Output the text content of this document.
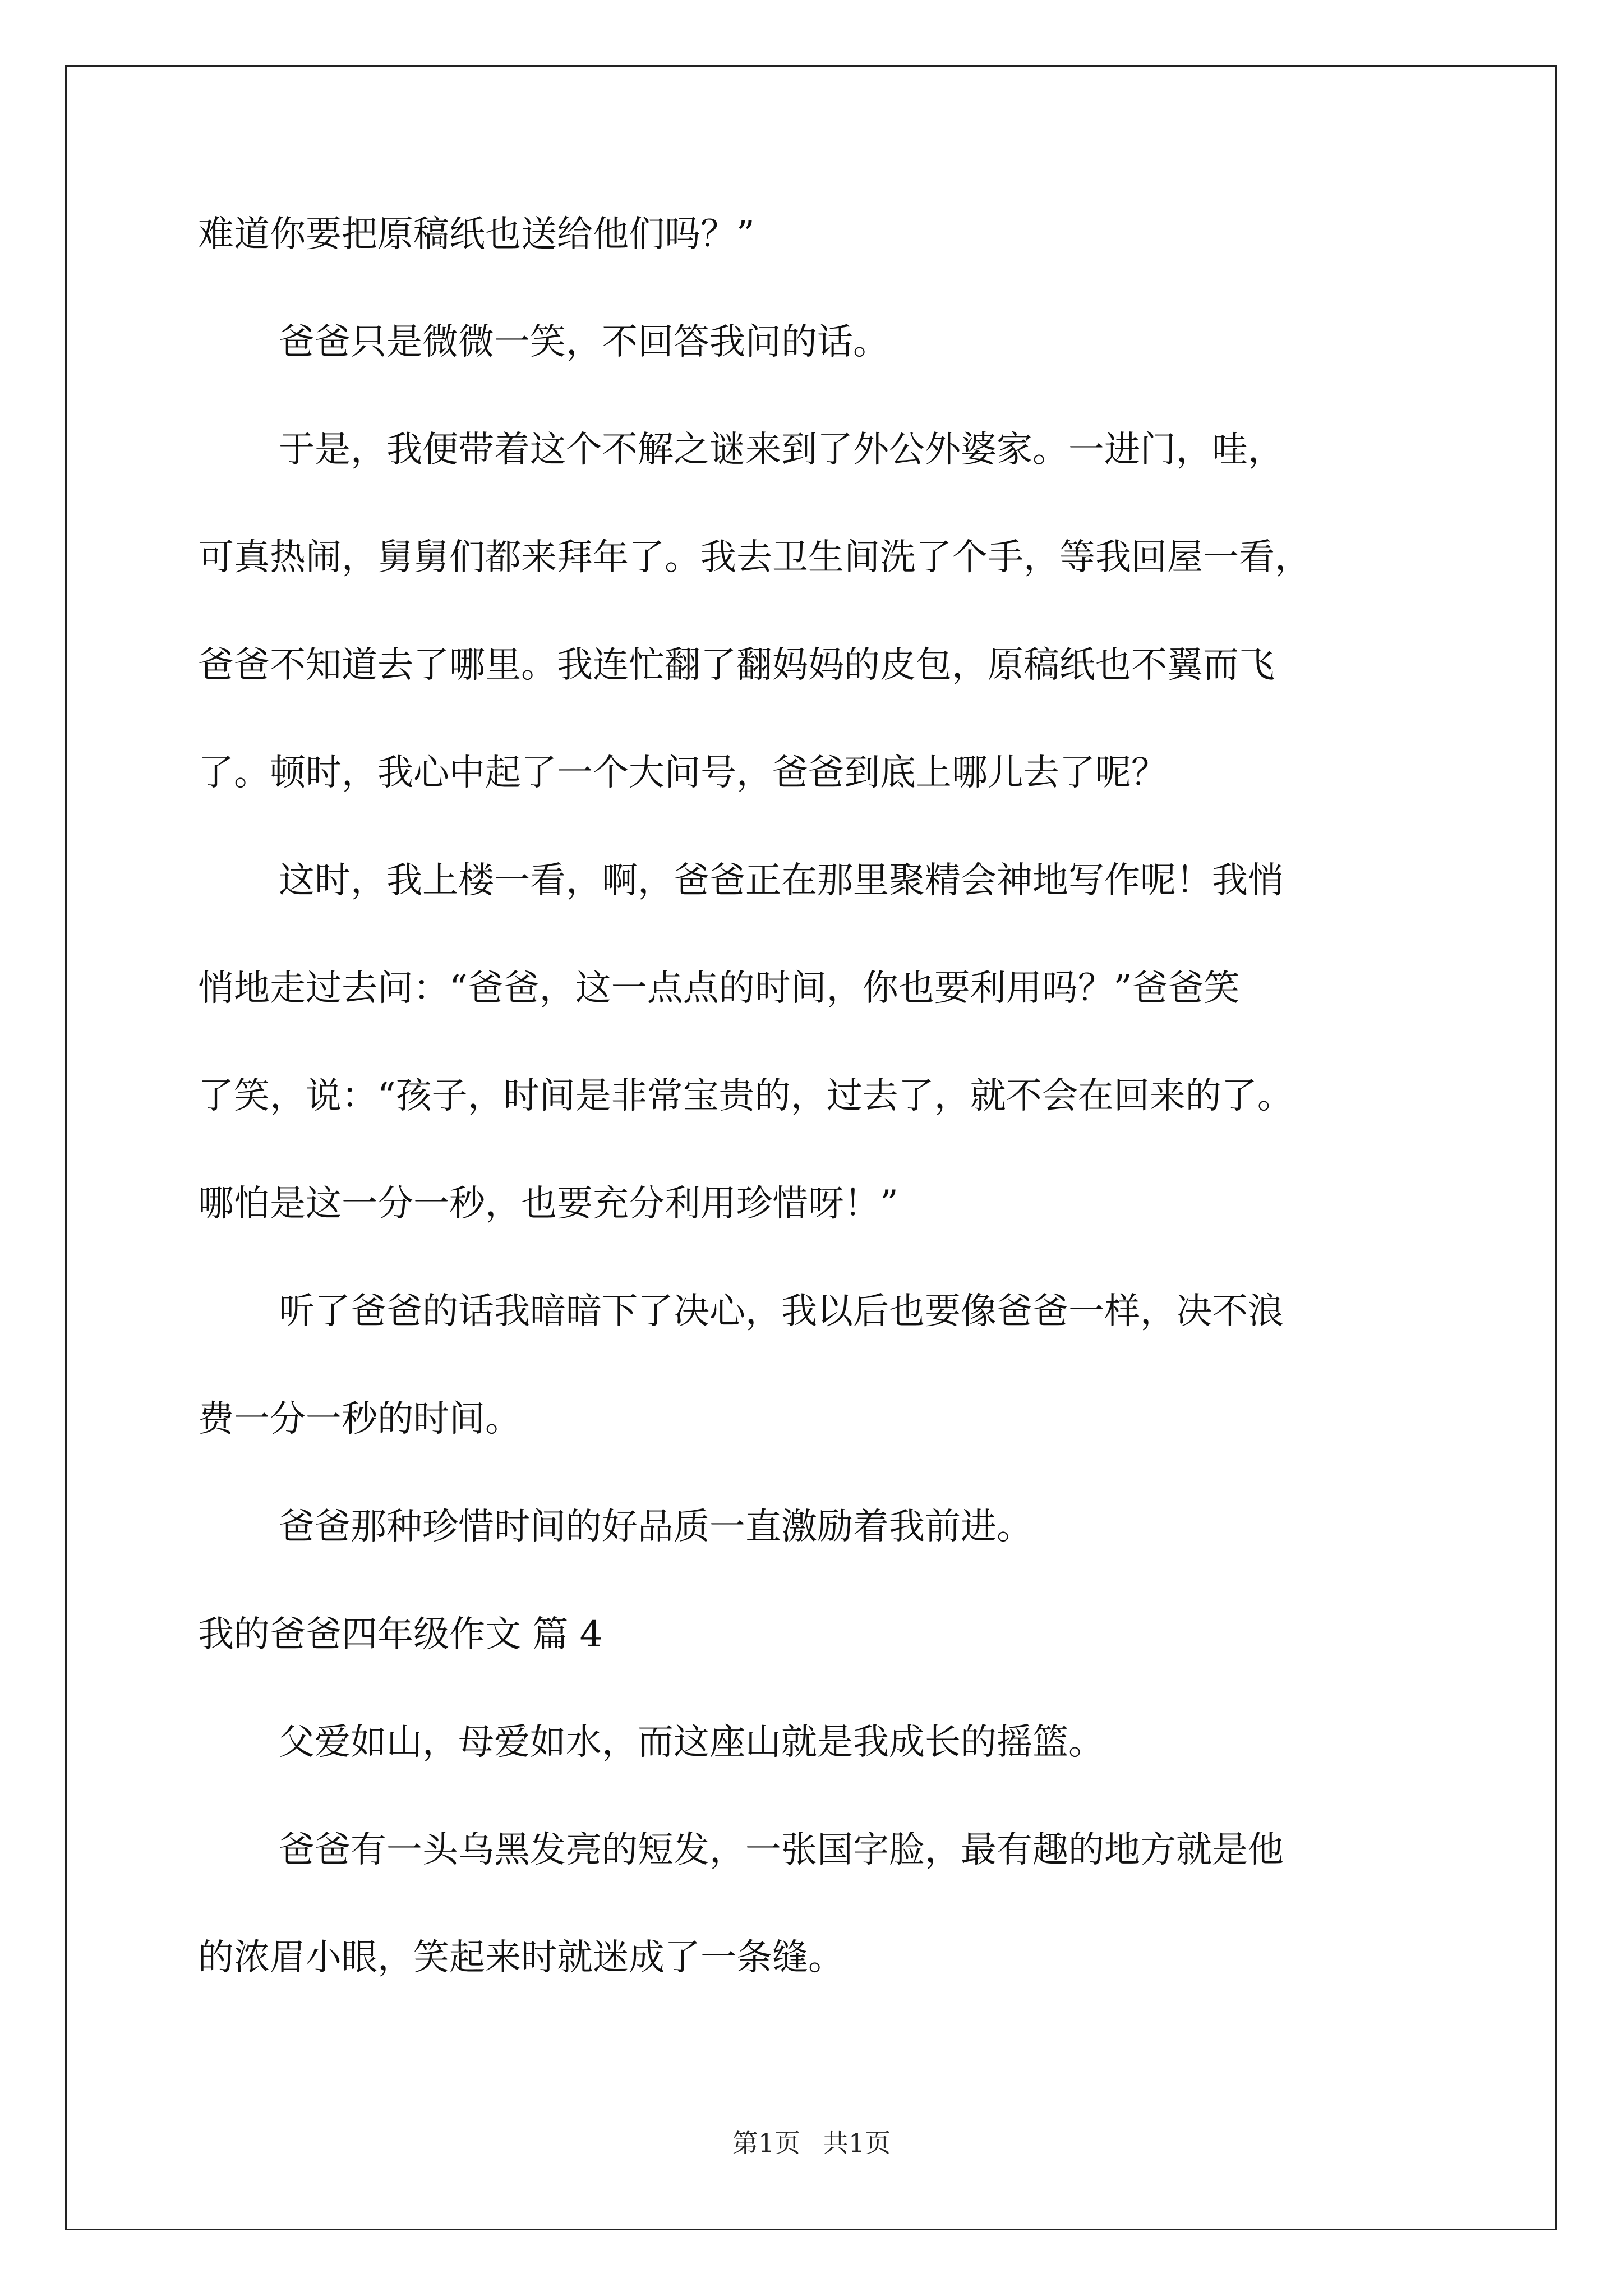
难道你要把原稿纸也送给他们吗？”
爸爸只是微微一笑，不回答我问的话。
于是，我便带着这个不解之谜来到了外公外婆家。一进门，哇，
可真热闹，舅舅们都来拜年了。我去卫生间洗了个手，等我回屋一看，
爸爸不知道去了哪里。我连忙翻了翻妈妈的皮包，原稿纸也不翼而飞
了。顿时，我心中起了一个大问号，爸爸到底上哪儿去了呢？
这时，我上楼一看，啊，爸爸正在那里聚精会神地写作呢！我悄
悄地走过去问：“爸爸，这一点点的时间，你也要利用吗？”爸爸笑
了笑，说：“孩子，时间是非常宝贵的，过去了，就不会在回来的了。
哪怕是这一分一秒，也要充分利用珍惜呀！”
听了爸爸的话我暗暗下了决心，我以后也要像爸爸一样，决不浪
费一分一秒的时间。
爸爸那种珍惜时间的好品质一直激励着我前进。
我的爸爸四年级作文 篇 4
父爱如山，母爱如水，而这座山就是我成长的摇篮。
爸爸有一头乌黑发亮的短发，一张国字脸，最有趣的地方就是他
的浓眉小眼，笑起来时就迷成了一条缝。
第1页 共1页
